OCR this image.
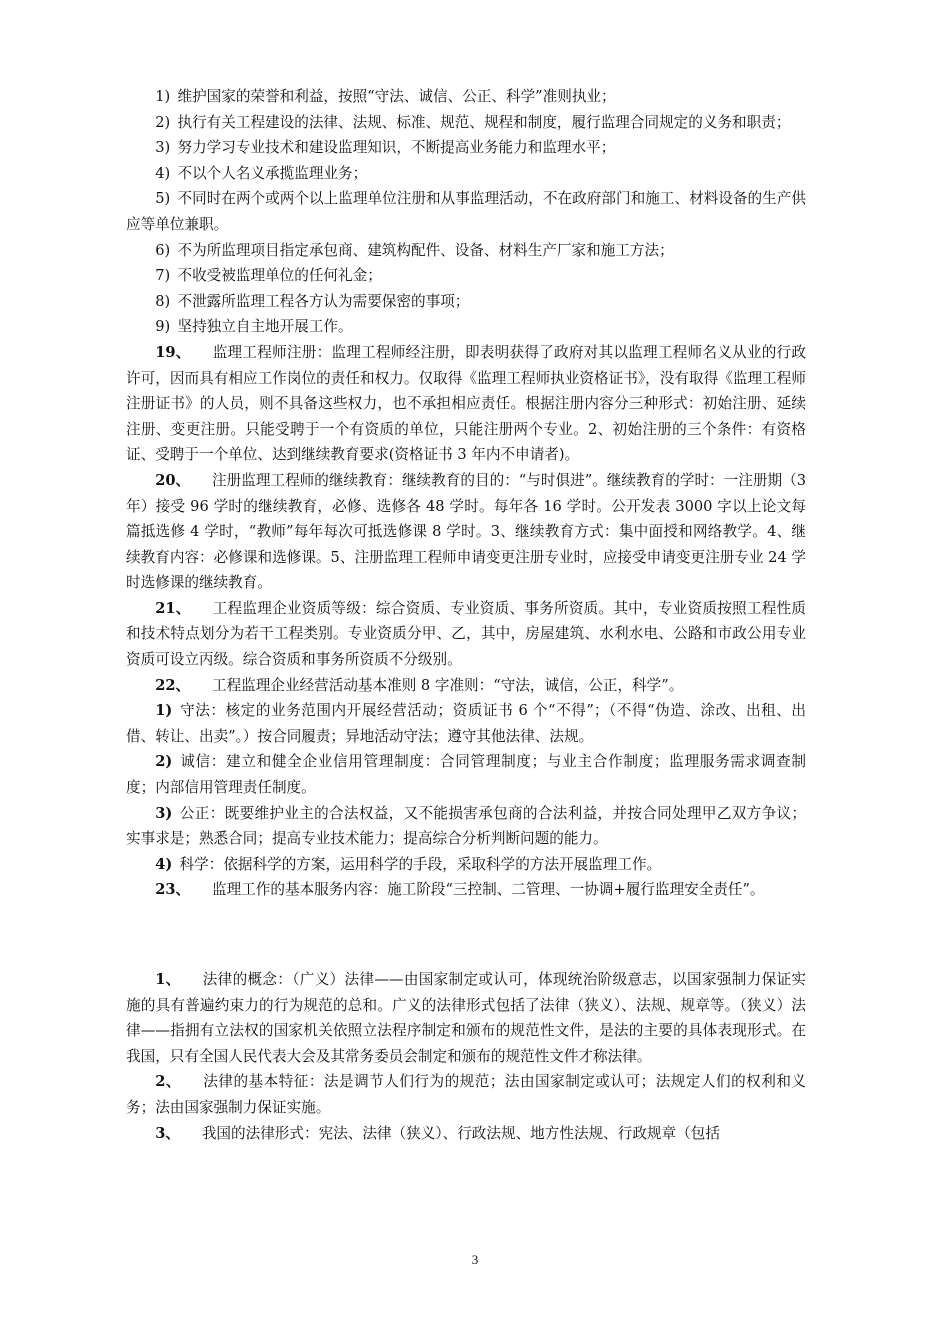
1)  维护国家的荣誉和利益，按照“守法、诚信、公正、科学”准则执业；

2)  执行有关工程建设的法律、法规、标准、规范、规程和制度，履行监理合同规定的义务和职责；

3)  努力学习专业技术和建设监理知识，不断提高业务能力和监理水平；

4)  不以个人名义承揽监理业务；

5)  不同时在两个或两个以上监理单位注册和从事监理活动，不在政府部门和施工、材料设备的生产供应等单位兼职。

6)  不为所监理项目指定承包商、建筑构配件、设备、材料生产厂家和施工方法；

7)  不收受被监理单位的任何礼金；

8)  不泄露所监理工程各方认为需要保密的事项；

9)  坚持独立自主地开展工作。

19、   监理工程师注册：监理工程师经注册，即表明获得了政府对其以监理工程师名义从业的行政许可，因而具有相应工作岗位的责任和权力。仅取得《监理工程师执业资格证书》，没有取得《监理工程师注册证书》的人员，则不具备这些权力，也不承担相应责任。根据注册内容分三种形式：初始注册、延续注册、变更注册。只能受聘于一个有资质的单位，只能注册两个专业。2、初始注册的三个条件：有资格证、受聘于一个单位、达到继续教育要求(资格证书 3 年内不申请者)。

20、   注册监理工程师的继续教育：继续教育的目的：“与时俱进”。继续教育的学时：一注册期（3 年）接受 96 学时的继续教育，必修、选修各 48 学时。每年各 16 学时。公开发表 3000 字以上论文每篇抵选修 4 学时，“教师”每年每次可抵选修课 8 学时。3、继续教育方式：集中面授和网络教学。4、继续教育内容：必修课和选修课。5、注册监理工程师申请变更注册专业时，应接受申请变更注册专业 24 学时选修课的继续教育。

21、   工程监理企业资质等级：综合资质、专业资质、事务所资质。其中，专业资质按照工程性质和技术特点划分为若干工程类别。专业资质分甲、乙，其中，房屋建筑、水利水电、公路和市政公用专业资质可设立丙级。综合资质和事务所资质不分级别。

22、   工程监理企业经营活动基本准则 8 字准则：“守法，诚信，公正，科学”。

1)  守法：核定的业务范围内开展经营活动；资质证书 6 个“不得”；（不得“伪造、涂改、出租、出借、转让、出卖”。）按合同履责；异地活动守法；遵守其他法律、法规。

2)  诚信：建立和健全企业信用管理制度：合同管理制度；与业主合作制度；监理服务需求调查制度；内部信用管理责任制度。

3)  公正：既要维护业主的合法权益，又不能损害承包商的合法利益，并按合同处理甲乙双方争议；实事求是；熟悉合同；提高专业技术能力；提高综合分析判断问题的能力。

4)  科学：依据科学的方案，运用科学的手段，采取科学的方法开展监理工作。

23、   监理工作的基本服务内容：施工阶段“三控制、二管理、一协调+履行监理安全责任”。

1、   法律的概念：（广义）法律——由国家制定或认可，体现统治阶级意志，以国家强制力保证实施的具有普遍约束力的行为规范的总和。广义的法律形式包括了法律（狭义）、法规、规章等。（狭义）法律——指拥有立法权的国家机关依照立法程序制定和颁布的规范性文件，是法的主要的具体表现形式。在我国，只有全国人民代表大会及其常务委员会制定和颁布的规范性文件才称法律。

2、   法律的基本特征：法是调节人们行为的规范；法由国家制定或认可；法规定人们的权利和义务；法由国家强制力保证实施。

3、   我国的法律形式：宪法、法律（狭义）、行政法规、地方性法规、行政规章（包括

3
